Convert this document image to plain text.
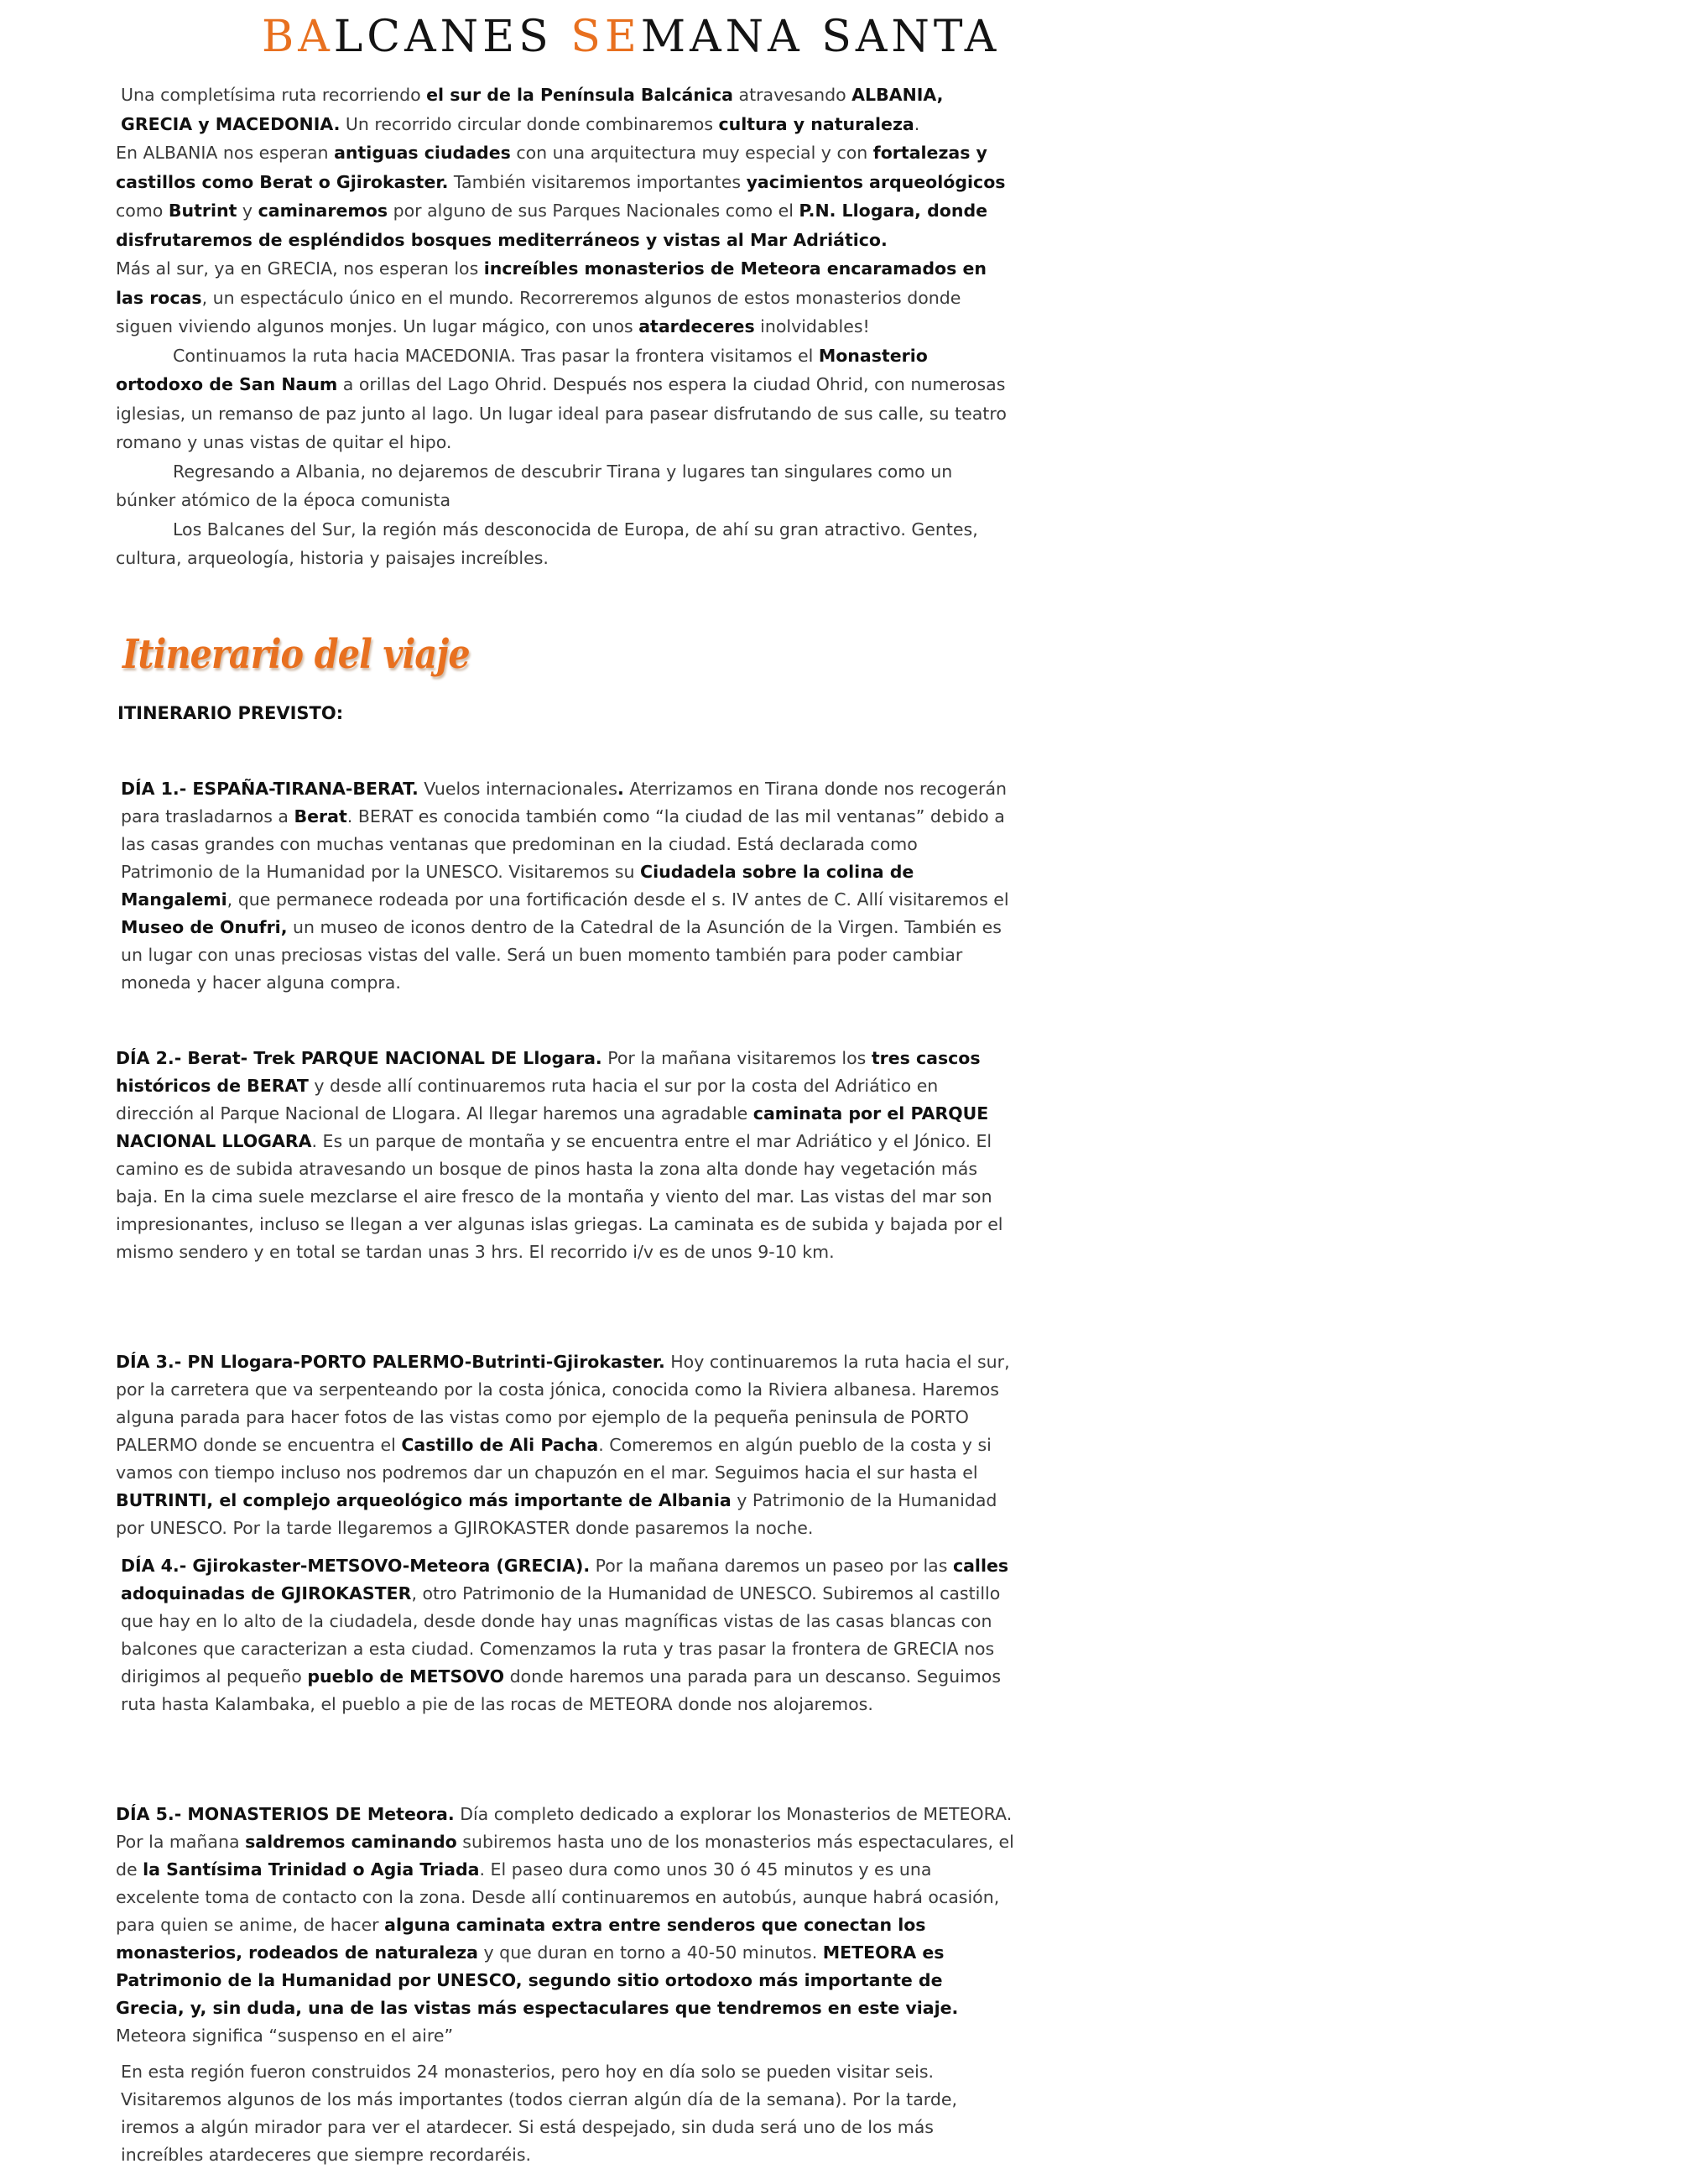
BALCANES SEMANA SANTA

Una completísima ruta recorriendo el sur de la Península Balcánica atravesando ALBANIA, GRECIA y MACEDONIA. Un recorrido circular donde combinaremos cultura y naturaleza.

En ALBANIA nos esperan antiguas ciudades con una arquitectura muy especial y con fortalezas y castillos como Berat o Gjirokaster. También visitaremos importantes yacimientos arqueológicos como Butrint y caminaremos por alguno de sus Parques Nacionales como el P.N. Llogara, donde disfrutaremos de espléndidos bosques mediterráneos y vistas al Mar Adriático.

Más al sur, ya en GRECIA, nos esperan los increíbles monasterios de Meteora encaramados en las rocas, un espectáculo único en el mundo. Recorreremos algunos de estos monasterios donde siguen viviendo algunos monjes. Un lugar mágico, con unos atardeceres inolvidables!

Continuamos la ruta hacia MACEDONIA. Tras pasar la frontera visitamos el Monasterio ortodoxo de San Naum a orillas del Lago Ohrid. Después nos espera la ciudad Ohrid, con numerosas iglesias, un remanso de paz junto al lago. Un lugar ideal para pasear disfrutando de sus calle, su teatro romano y unas vistas de quitar el hipo.

Regresando a Albania, no dejaremos de descubrir Tirana y lugares tan singulares como un búnker atómico de la época comunista

Los Balcanes del Sur, la región más desconocida de Europa, de ahí su gran atractivo. Gentes, cultura, arqueología, historia y paisajes increíbles.

Itinerario del viaje
ITINERARIO PREVISTO:

DÍA 1.- ESPAÑA-TIRANA-BERAT. Vuelos internacionales. Aterrizamos en Tirana donde nos recogerán para trasladarnos a Berat. BERAT es conocida también como “la ciudad de las mil ventanas” debido a las casas grandes con muchas ventanas que predominan en la ciudad. Está declarada como Patrimonio de la Humanidad por la UNESCO. Visitaremos su Ciudadela sobre la colina de Mangalemi, que permanece rodeada por una fortificación desde el s. IV antes de C. Allí visitaremos el Museo de Onufri, un museo de iconos dentro de la Catedral de la Asunción de la Virgen. También es un lugar con unas preciosas vistas del valle. Será un buen momento también para poder cambiar moneda y hacer alguna compra.

DÍA 2.- Berat- Trek PARQUE NACIONAL DE Llogara. Por la mañana visitaremos los tres cascos históricos de BERAT y desde allí continuaremos ruta hacia el sur por la costa del Adriático en dirección al Parque Nacional de Llogara. Al llegar haremos una agradable caminata por el PARQUE NACIONAL LLOGARA. Es un parque de montaña y se encuentra entre el mar Adriático y el Jónico. El camino es de subida atravesando un bosque de pinos hasta la zona alta donde hay vegetación más baja. En la cima suele mezclarse el aire fresco de la montaña y viento del mar. Las vistas del mar son impresionantes, incluso se llegan a ver algunas islas griegas. La caminata es de subida y bajada por el mismo sendero y en total se tardan unas 3 hrs. El recorrido i/v es de unos 9-10 km.

DÍA 3.- PN Llogara-PORTO PALERMO-Butrinti-Gjirokaster. Hoy continuaremos la ruta hacia el sur, por la carretera que va serpenteando por la costa jónica, conocida como la Riviera albanesa. Haremos alguna parada para hacer fotos de las vistas como por ejemplo de la pequeña peninsula de PORTO PALERMO donde se encuentra el Castillo de Ali Pacha. Comeremos en algún pueblo de la costa y si vamos con tiempo incluso nos podremos dar un chapuzón en el mar. Seguimos hacia el sur hasta el BUTRINTI, el complejo arqueológico más importante de Albania y Patrimonio de la Humanidad por UNESCO. Por la tarde llegaremos a GJIROKASTER donde pasaremos la noche.

DÍA 4.- Gjirokaster-METSOVO-Meteora (GRECIA). Por la mañana daremos un paseo por las calles adoquinadas de GJIROKASTER, otro Patrimonio de la Humanidad de UNESCO. Subiremos al castillo que hay en lo alto de la ciudadela, desde donde hay unas magníficas vistas de las casas blancas con balcones que caracterizan a esta ciudad. Comenzamos la ruta y tras pasar la frontera de GRECIA nos dirigimos al pequeño pueblo de METSOVO donde haremos una parada para un descanso. Seguimos ruta hasta Kalambaka, el pueblo a pie de las rocas de METEORA donde nos alojaremos.

DÍA 5.- MONASTERIOS DE Meteora. Día completo dedicado a explorar los Monasterios de METEORA. Por la mañana saldremos caminando subiremos hasta uno de los monasterios más espectaculares, el de la Santísima Trinidad o Agia Triada. El paseo dura como unos 30 ó 45 minutos y es una excelente toma de contacto con la zona. Desde allí continuaremos en autobús, aunque habrá ocasión, para quien se anime, de hacer alguna caminata extra entre senderos que conectan los monasterios, rodeados de naturaleza y que duran en torno a 40-50 minutos. METEORA es Patrimonio de la Humanidad por UNESCO, segundo sitio ortodoxo más importante de Grecia, y, sin duda, una de las vistas más espectaculares que tendremos en este viaje. Meteora significa “suspenso en el aire”

En esta región fueron construidos 24 monasterios, pero hoy en día solo se pueden visitar seis. Visitaremos algunos de los más importantes (todos cierran algún día de la semana). Por la tarde, iremos a algún mirador para ver el atardecer. Si está despejado, sin duda será uno de los más increíbles atardeceres que siempre recordaréis.
